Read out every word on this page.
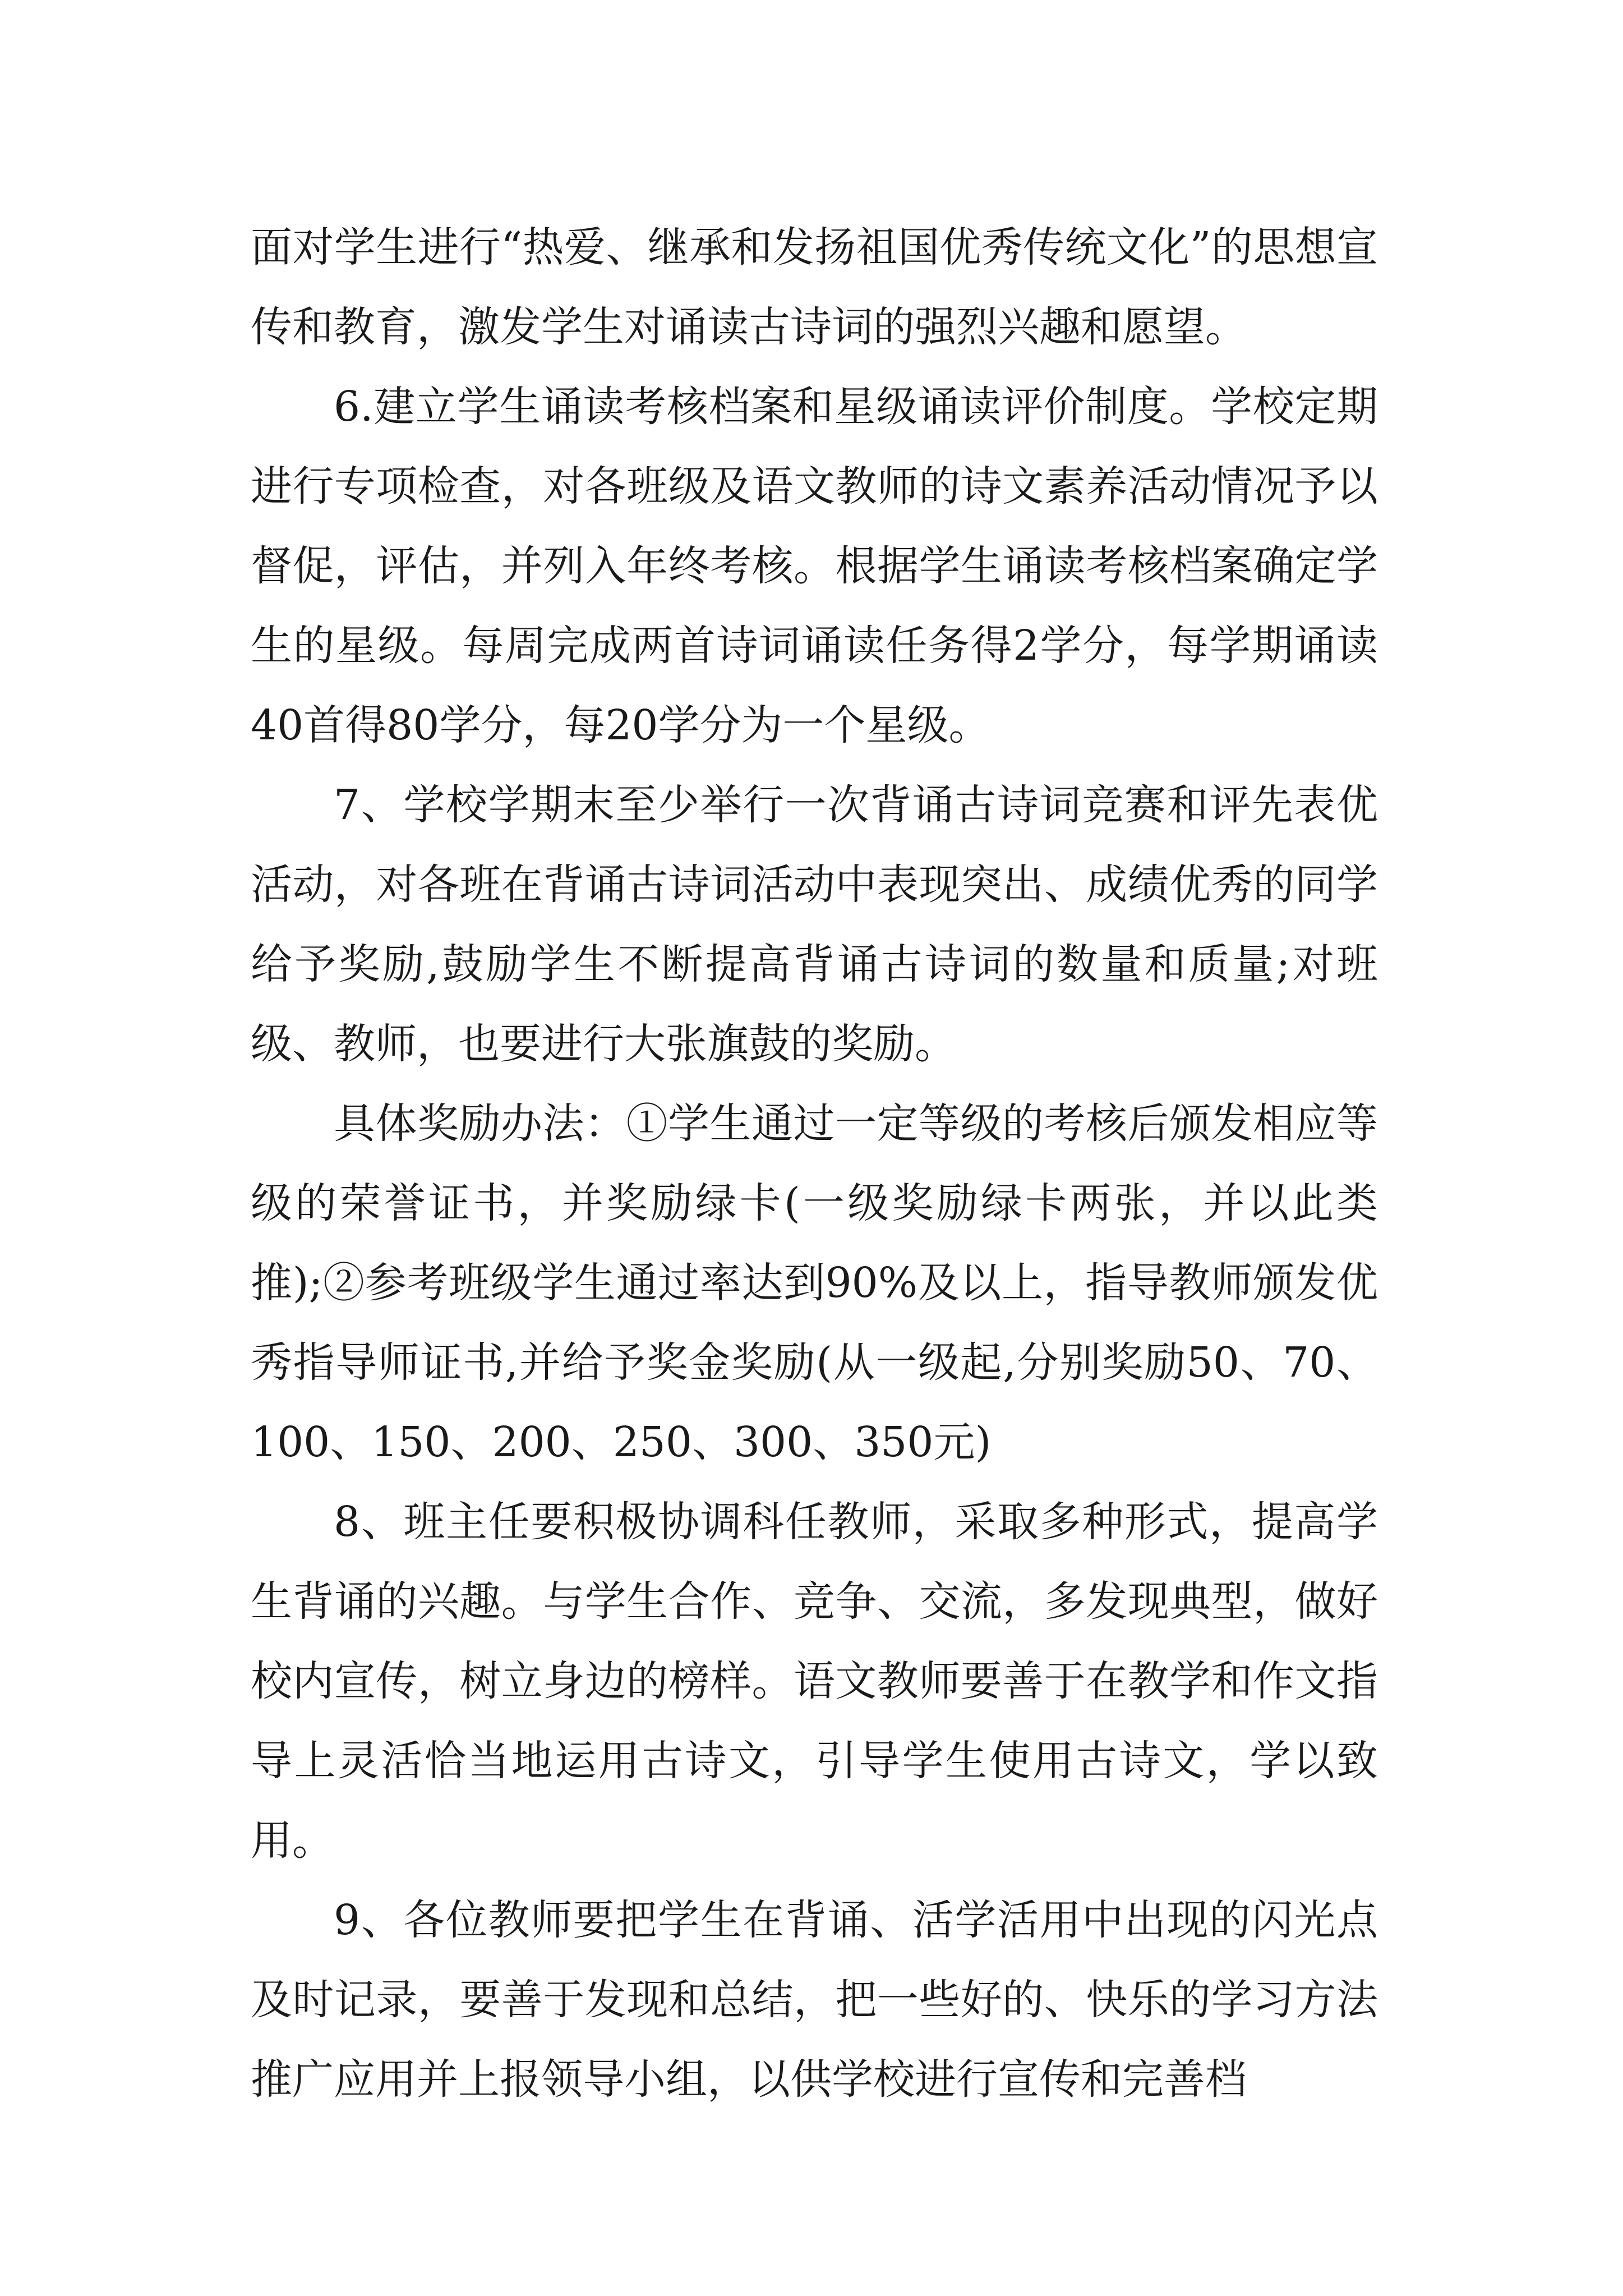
面对学生进行“热爱、继承和发扬祖国优秀传统文化”的思想宣传和教育，激发学生对诵读古诗词的强烈兴趣和愿望。

6.建立学生诵读考核档案和星级诵读评价制度。学校定期进行专项检查，对各班级及语文教师的诗文素养活动情况予以督促，评估，并列入年终考核。根据学生诵读考核档案确定学生的星级。每周完成两首诗词诵读任务得2学分，每学期诵读40首得80学分，每20学分为一个星级。

7、学校学期末至少举行一次背诵古诗词竞赛和评先表优活动，对各班在背诵古诗词活动中表现突出、成绩优秀的同学给予奖励,鼓励学生不断提高背诵古诗词的数量和质量;对班级、教师，也要进行大张旗鼓的奖励。

具体奖励办法：①学生通过一定等级的考核后颁发相应等级的荣誉证书，并奖励绿卡(一级奖励绿卡两张，并以此类推);②参考班级学生通过率达到90%及以上，指导教师颁发优秀指导师证书,并给予奖金奖励(从一级起,分别奖励50、70、100、150、200、250、300、350元)

8、班主任要积极协调科任教师，采取多种形式，提高学生背诵的兴趣。与学生合作、竞争、交流，多发现典型，做好校内宣传，树立身边的榜样。语文教师要善于在教学和作文指导上灵活恰当地运用古诗文，引导学生使用古诗文，学以致用。

9、各位教师要把学生在背诵、活学活用中出现的闪光点及时记录，要善于发现和总结，把一些好的、快乐的学习方法推广应用并上报领导小组，以供学校进行宣传和完善档
